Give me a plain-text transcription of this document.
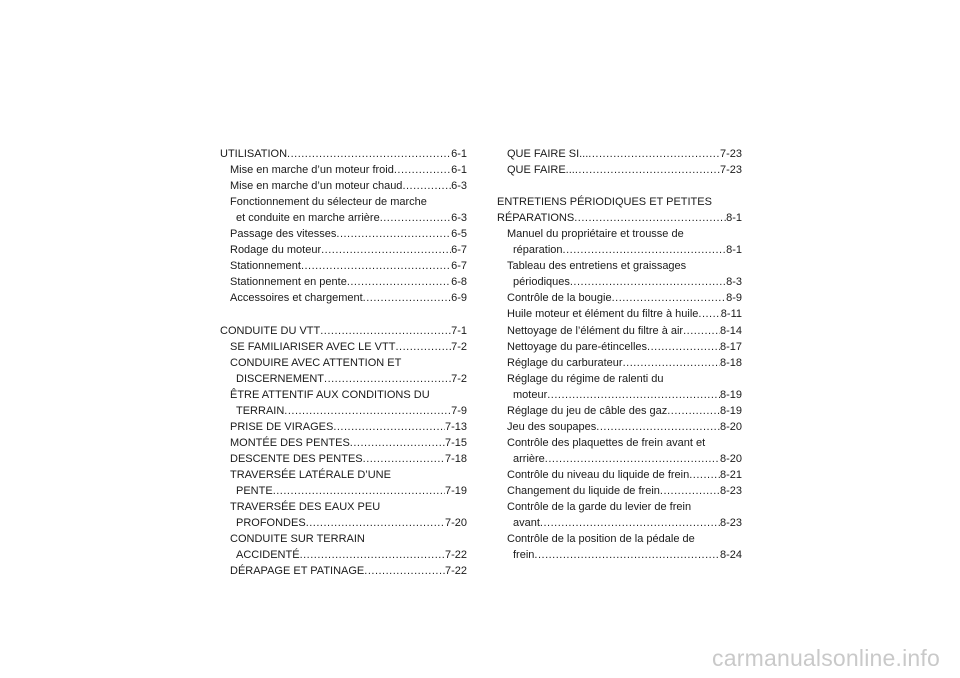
UTILISATION .....	6-1
Mise en marche d’un moteur froid .....	6-1
Mise en marche d’un moteur chaud .....	6-3
Fonctionnement du sélecteur de marche
et conduite en marche arrière .....	6-3
Passage des vitesses .....	6-5
Rodage du moteur .....	6-7
Stationnement .....	6-7
Stationnement en pente .....	6-8
Accessoires et chargement .....	6-9
CONDUITE DU VTT .....	7-1
SE FAMILIARISER AVEC LE VTT .....	7-2
CONDUIRE AVEC ATTENTION ET
DISCERNEMENT .....	7-2
ÊTRE ATTENTIF AUX CONDITIONS DU
TERRAIN .....	7-9
PRISE DE VIRAGES .....	7-13
MONTÉE DES PENTES .....	7-15
DESCENTE DES PENTES .....	7-18
TRAVERSÉE LATÉRALE D’UNE
PENTE .....	7-19
TRAVERSÉE DES EAUX PEU
PROFONDES .....	7-20
CONDUITE SUR TERRAIN
ACCIDENTÉ .....	7-22
DÉRAPAGE ET PATINAGE .....	7-22
QUE FAIRE SI... .....	7-23
QUE FAIRE... .....	7-23
ENTRETIENS PÉRIODIQUES ET PETITES
RÉPARATIONS .....	8-1
Manuel du propriétaire et trousse de
réparation .....	8-1
Tableau des entretiens et graissages
périodiques .....	8-3
Contrôle de la bougie .....	8-9
Huile moteur et élément du filtre à huile ..... 8-11
Nettoyage de l’élément du filtre à air .....	8-14
Nettoyage du pare-étincelles .....	8-17
Réglage du carburateur .....	8-18
Réglage du régime de ralenti du
moteur .....	8-19
Réglage du jeu de câble des gaz .....	8-19
Jeu des soupapes .....	8-20
Contrôle des plaquettes de frein avant et
arrière .....	8-20
Contrôle du niveau du liquide de frein .....	8-21
Changement du liquide de frein .....	8-23
Contrôle de la garde du levier de frein
avant .....	8-23
Contrôle de la position de la pédale de
frein .....	8-24
carmanualsonline.info
